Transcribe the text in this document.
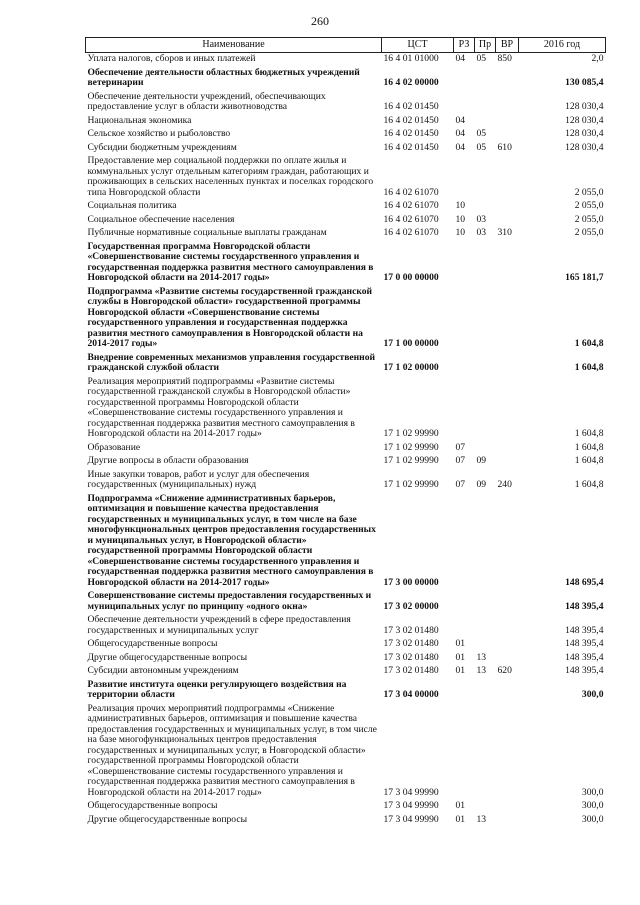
260
Наименование	ЦСТ	РЗ	Пр	ВР	2016 год
Уплата налогов, сборов и иных платежей	16 4 01 01000	04	05	850	2,0
Обеспечение деятельности областных бюджетных учреждений ветеринарии	16 4 02 00000				130 085,4
Обеспечение деятельности учреждений, обеспечивающих предоставление услуг в области животноводства	16 4 02 01450				128 030,4
Национальная экономика	16 4 02 01450	04			128 030,4
Сельское хозяйство и рыболовство	16 4 02 01450	04	05		128 030,4
Субсидии бюджетным учреждениям	16 4 02 01450	04	05	610	128 030,4
Предоставление мер социальной поддержки по оплате жилья и коммунальных услуг отдельным категориям граждан, работающих и проживающих в сельских населенных пунктах и поселках городского типа Новгородской области	16 4 02 61070				2 055,0
Социальная политика	16 4 02 61070	10			2 055,0
Социальное обеспечение населения	16 4 02 61070	10	03		2 055,0
Публичные нормативные социальные выплаты гражданам	16 4 02 61070	10	03	310	2 055,0
Государственная программа Новгородской области «Совершенствование системы государственного управления и государственная поддержка развития местного самоуправления в Новгородской области на 2014-2017 годы»	17 0 00 00000				165 181,7
Подпрограмма «Развитие системы государственной гражданской службы в Новгородской области» государственной программы Новгородской области «Совершенствование системы государственного управления и государственная поддержка развития местного самоуправления в Новгородской области на 2014-2017 годы»	17 1 00 00000				1 604,8
Внедрение современных механизмов управления государственной гражданской службой области	17 1 02 00000				1 604,8
Реализация мероприятий подпрограммы «Развитие системы государственной гражданской службы в Новгородской области» государственной программы Новгородской области «Совершенствование системы государственного управления и государственная поддержка развития местного самоуправления в Новгородской области на 2014-2017 годы»	17 1 02 99990				1 604,8
Образование	17 1 02 99990	07			1 604,8
Другие вопросы в области образования	17 1 02 99990	07	09		1 604,8
Иные закупки товаров, работ и услуг для обеспечения государственных (муниципальных) нужд	17 1 02 99990	07	09	240	1 604,8
Подпрограмма «Снижение административных барьеров, оптимизация и повышение качества предоставления государственных и муниципальных услуг, в том числе на базе многофункциональных центров предоставления государственных и муниципальных услуг, в Новгородской области» государственной программы Новгородской области «Совершенствование системы государственного управления и государственная поддержка развития местного самоуправления в Новгородской области на 2014-2017 годы»	17 3 00 00000				148 695,4
Совершенствование системы предоставления государственных и муниципальных услуг по принципу «одного окна»	17 3 02 00000				148 395,4
Обеспечение деятельности учреждений в сфере предоставления государственных и муниципальных услуг	17 3 02 01480				148 395,4
Общегосударственные вопросы	17 3 02 01480	01			148 395,4
Другие общегосударственные вопросы	17 3 02 01480	01	13		148 395,4
Субсидии автономным учреждениям	17 3 02 01480	01	13	620	148 395,4
Развитие института оценки регулирующего воздействия на территории области	17 3 04 00000				300,0
Реализация прочих мероприятий подпрограммы «Снижение административных барьеров, оптимизация и повышение качества предоставления государственных и муниципальных услуг, в том числе на базе многофункциональных центров предоставления государственных и муниципальных услуг, в Новгородской области» государственной программы Новгородской области «Совершенствование системы государственного управления и государственная поддержка развития местного самоуправления в Новгородской области на 2014-2017 годы»	17 3 04 99990				300,0
Общегосударственные вопросы	17 3 04 99990	01			300,0
Другие общегосударственные вопросы	17 3 04 99990	01	13		300,0
